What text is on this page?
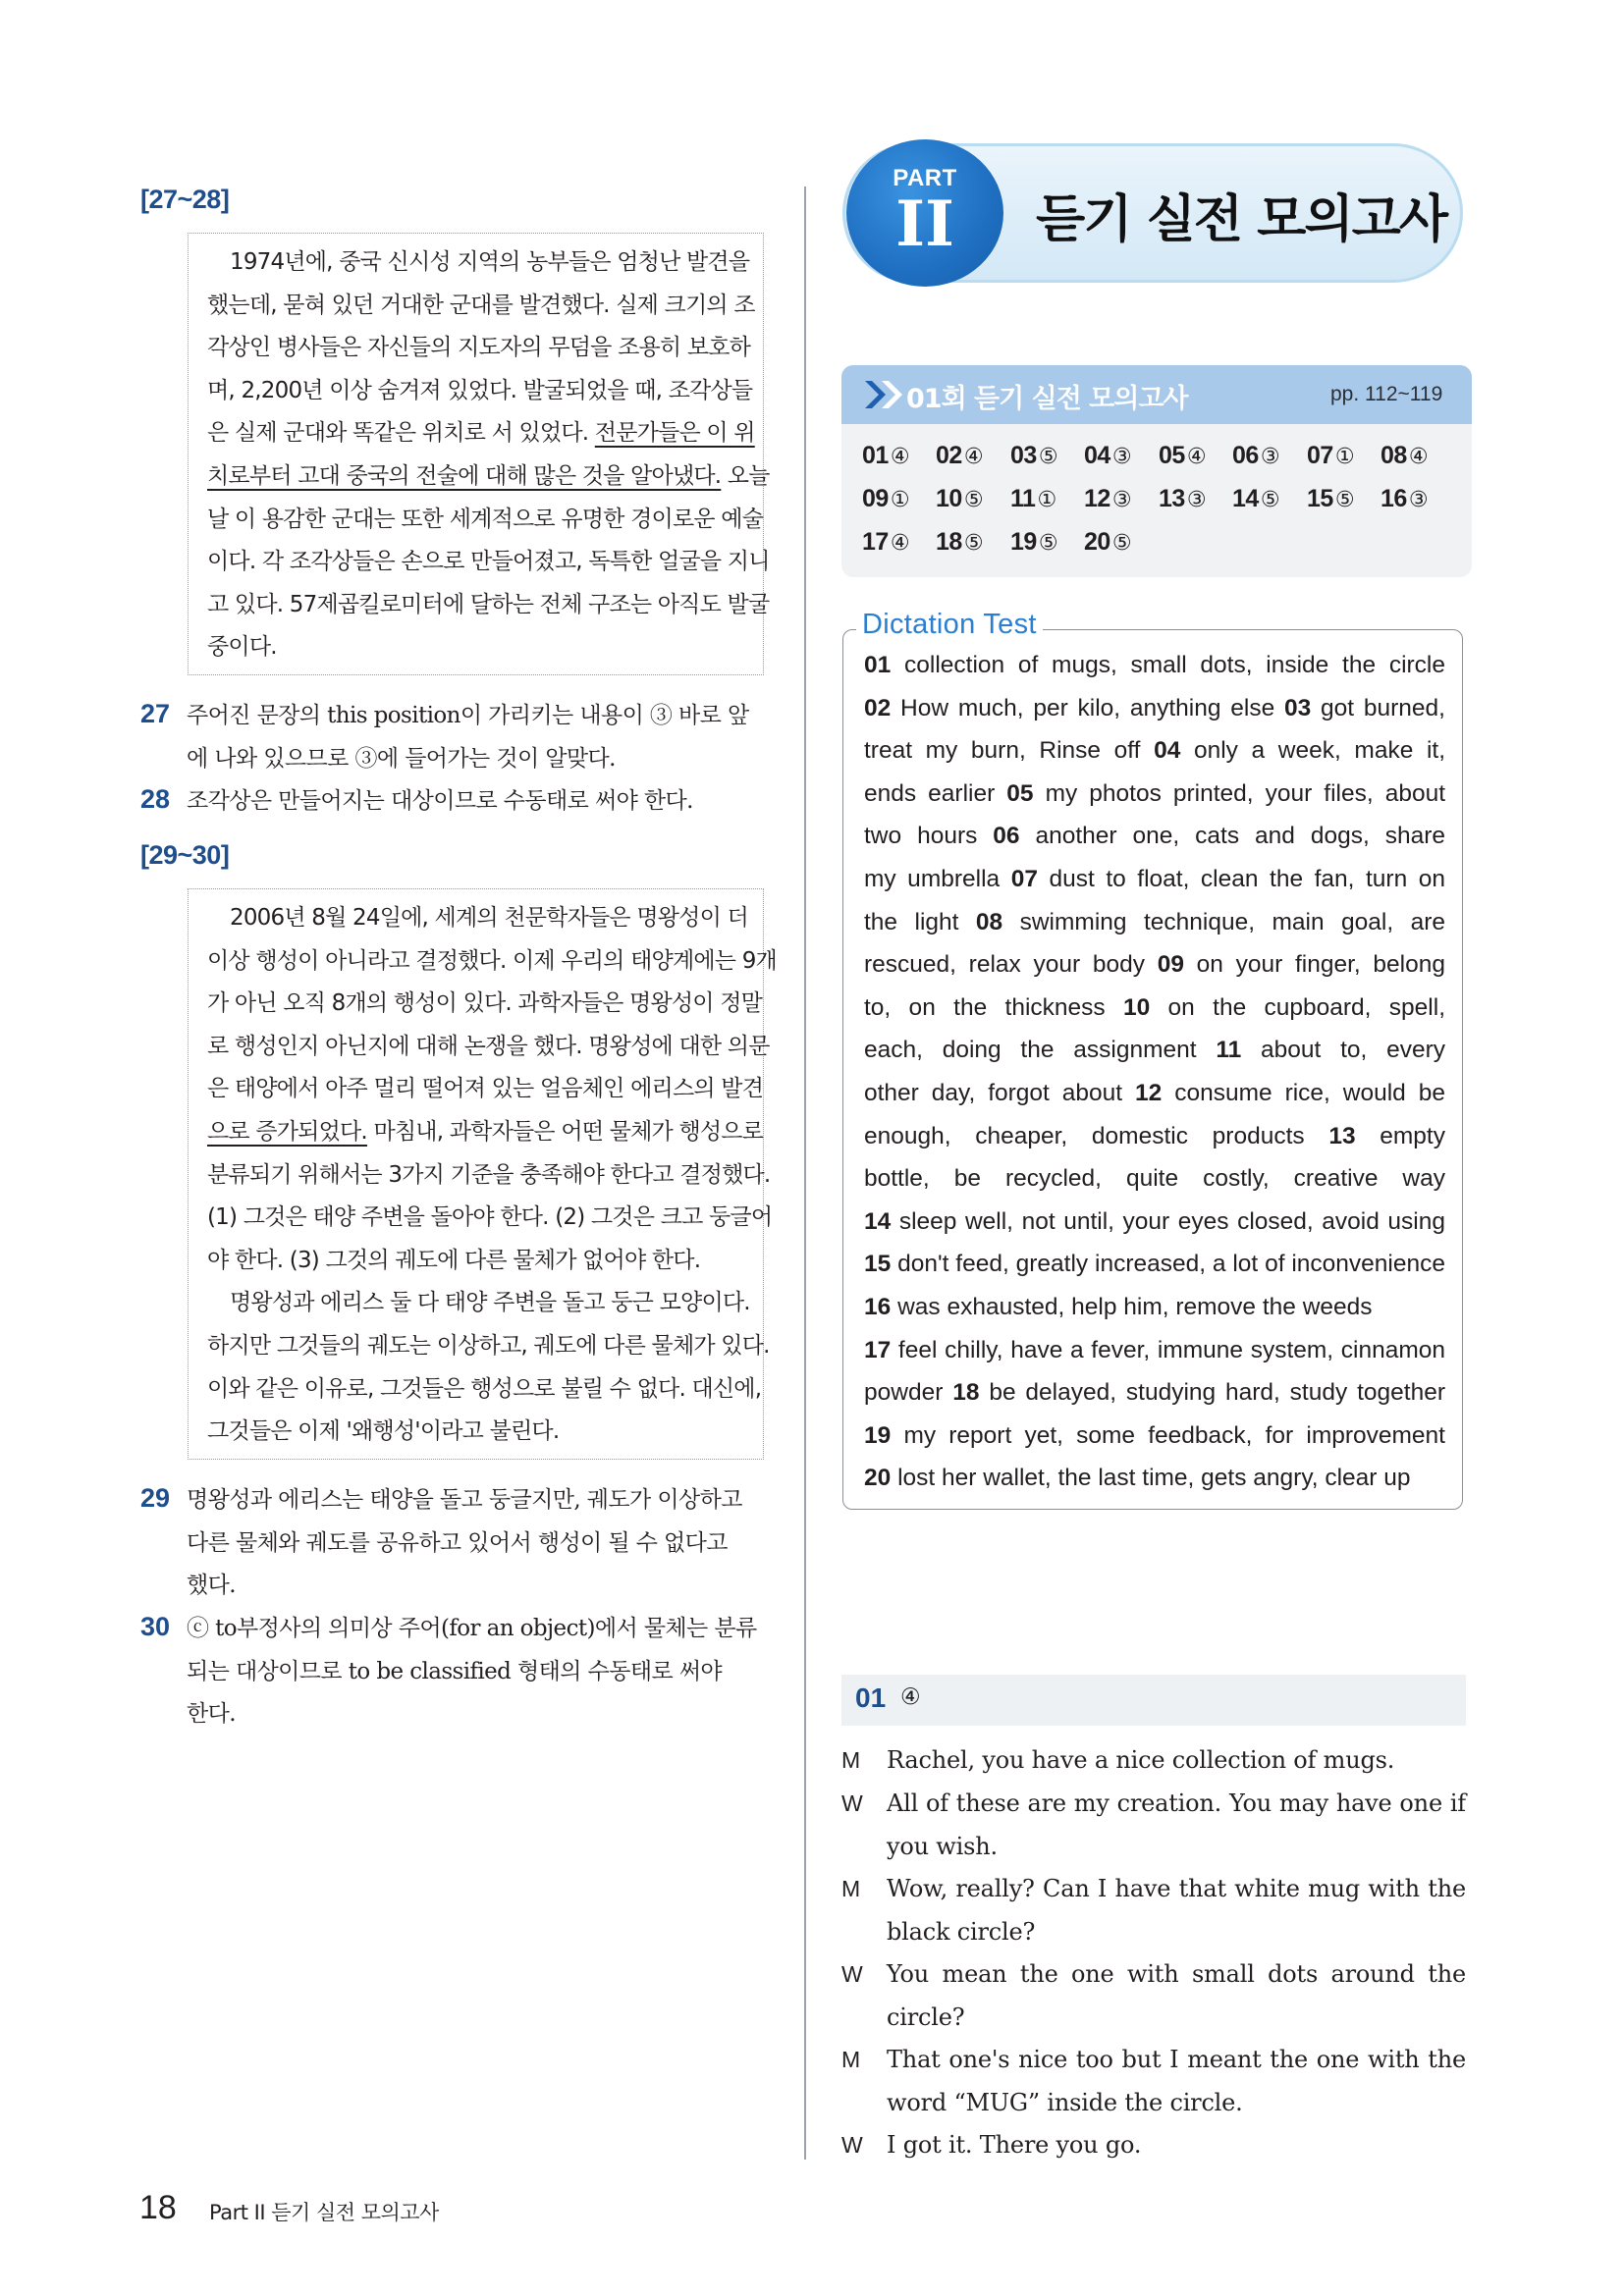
[27~28]
1974년에, 중국 신시성 지역의 농부들은 엄청난 발견을
했는데, 묻혀 있던 거대한 군대를 발견했다. 실제 크기의 조
각상인 병사들은 자신들의 지도자의 무덤을 조용히 보호하
며, 2,200년 이상 숨겨져 있었다. 발굴되었을 때, 조각상들
은 실제 군대와 똑같은 위치로 서 있었다. 전문가들은 이 위
치로부터 고대 중국의 전술에 대해 많은 것을 알아냈다. 오늘
날 이 용감한 군대는 또한 세계적으로 유명한 경이로운 예술
이다. 각 조각상들은 손으로 만들어졌고, 독특한 얼굴을 지니
고 있다. 57제곱킬로미터에 달하는 전체 구조는 아직도 발굴
중이다.
27 주어진 문장의 this position이 가리키는 내용이 ③ 바로 앞
에 나와 있으므로 ③에 들어가는 것이 알맞다.
28 조각상은 만들어지는 대상이므로 수동태로 써야 한다.
[29~30]
2006년 8월 24일에, 세계의 천문학자들은 명왕성이 더
이상 행성이 아니라고 결정했다. 이제 우리의 태양계에는 9개
가 아닌 오직 8개의 행성이 있다. 과학자들은 명왕성이 정말
로 행성인지 아닌지에 대해 논쟁을 했다. 명왕성에 대한 의문
은 태양에서 아주 멀리 떨어져 있는 얼음체인 에리스의 발견
으로 증가되었다. 마침내, 과학자들은 어떤 물체가 행성으로
분류되기 위해서는 3가지 기준을 충족해야 한다고 결정했다.
(1) 그것은 태양 주변을 돌아야 한다. (2) 그것은 크고 둥글어
야 한다. (3) 그것의 궤도에 다른 물체가 없어야 한다.
명왕성과 에리스 둘 다 태양 주변을 돌고 둥근 모양이다.
하지만 그것들의 궤도는 이상하고, 궤도에 다른 물체가 있다.
이와 같은 이유로, 그것들은 행성으로 불릴 수 없다. 대신에,
그것들은 이제 '왜행성'이라고 불린다.
29 명왕성과 에리스는 태양을 돌고 둥글지만, 궤도가 이상하고
다른 물체와 궤도를 공유하고 있어서 행성이 될 수 없다고
했다.
30 ⓒ to부정사의 의미상 주어(for an object)에서 물체는 분류
되는 대상이므로 to be classified 형태의 수동태로 써야
한다.
PART
II	듣기 실전 모의고사
01회 듣기 실전 모의고사	pp. 112~119
01④ 02④ 03⑤ 04③ 05④ 06③ 07① 08④
09① 10⑤ 11① 12③ 13③ 14⑤ 15⑤ 16③
17④ 18⑤ 19⑤ 20⑤
Dictation Test
01 collection of mugs, small dots, inside the circle
02 How much, per kilo, anything else 03 got burned,
treat my burn, Rinse off 04 only a week, make it,
ends earlier 05 my photos printed, your files, about
two hours 06 another one, cats and dogs, share
my umbrella 07 dust to float, clean the fan, turn on
the light 08 swimming technique, main goal, are
rescued, relax your body 09 on your finger, belong
to, on the thickness 10 on the cupboard, spell,
each, doing the assignment 11 about to, every
other day, forgot about 12 consume rice, would be
enough, cheaper, domestic products 13 empty
bottle, be recycled, quite costly, creative way
14 sleep well, not until, your eyes closed, avoid using
15 don't feed, greatly increased, a lot of inconvenience
16 was exhausted, help him, remove the weeds
17 feel chilly, have a fever, immune system, cinnamon
powder 18 be delayed, studying hard, study together
19 my report yet, some feedback, for improvement
20 lost her wallet, the last time, gets angry, clear up
01 ④
M Rachel, you have a nice collection of mugs.
W All of these are my creation. You may have one if you wish.
M Wow, really? Can I have that white mug with the black circle?
W You mean the one with small dots around the circle?
M That one's nice too but I meant the one with the word “MUG” inside the circle.
W I got it. There you go.
18 Part II 듣기 실전 모의고사
